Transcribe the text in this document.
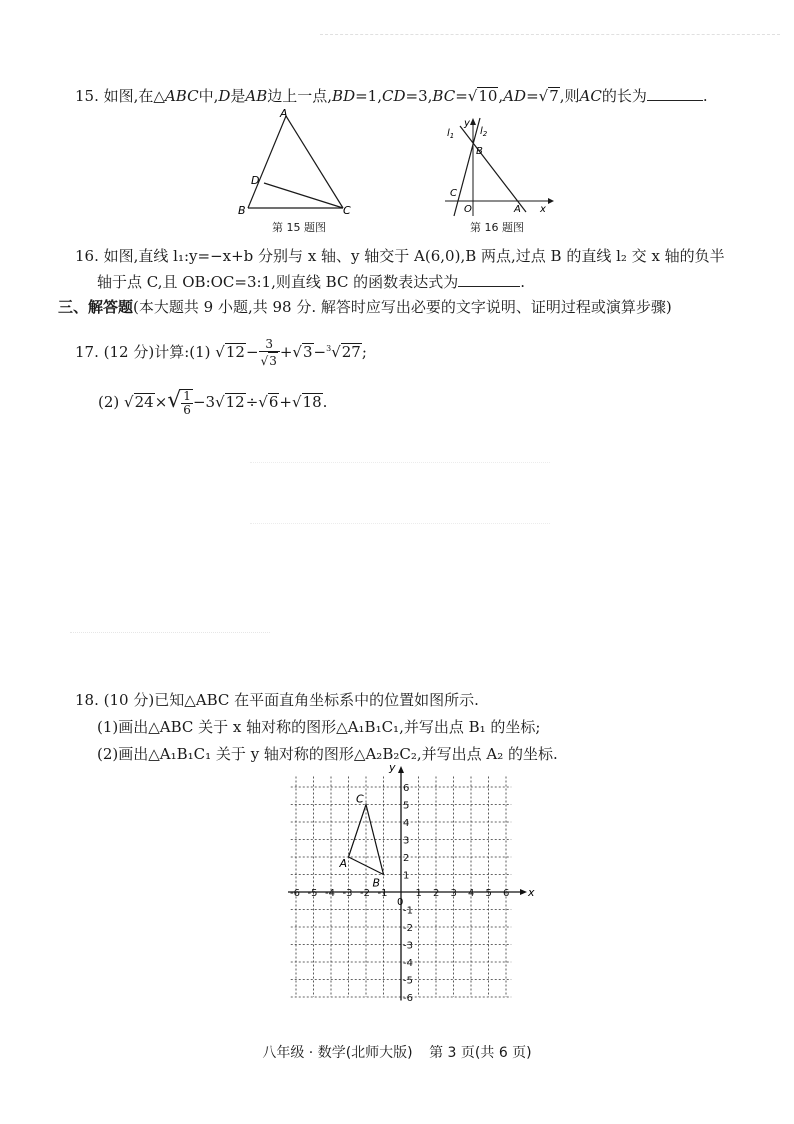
15. 如图,在△ABC中,D是AB边上一点,BD=1,CD=3,BC=√10,AD=√7,则AC的长为	.
A
D
B	C
第 15 题图
$l_1$	$l_2$
y
B
C
O	A x
第 16 题图
16. 如图,直线 l₁:y=−x+b 分别与 x 轴、y 轴交于 A(6,0),B 两点,过点 B 的直线 l₂ 交 x 轴的负半
轴于点 C,且 OB:OC=3:1,则直线 BC 的函数表达式为	.
三、解答题(本大题共 9 小题,共 98 分. 解答时应写出必要的文字说明、证明过程或演算步骤)
17. (12 分)计算:(1) $√12- \frac{3}{√3} +√3-^3√27$;
(2) $√24\times√ \frac{1}{6} -3√12\div√6+√18$.
18. (10 分)已知△ABC 在平面直角坐标系中的位置如图所示.
(1)画出△ABC 关于 x 轴对称的图形△A₁B₁C₁,并写出点 B₁ 的坐标;
(2)画出△A₁B₁C₁ 关于 y 轴对称的图形△A₂B₂C₂,并写出点 A₂ 的坐标.
x
y
0
-6 -5 -4 -3 -2 -1	1 2 3 4 5 6
6
5
4
3
2
1
-1
-2
-3
-4
-5
-6
A
B
C
八年级 · 数学(北师大版) 第 3 页(共 6 页)
